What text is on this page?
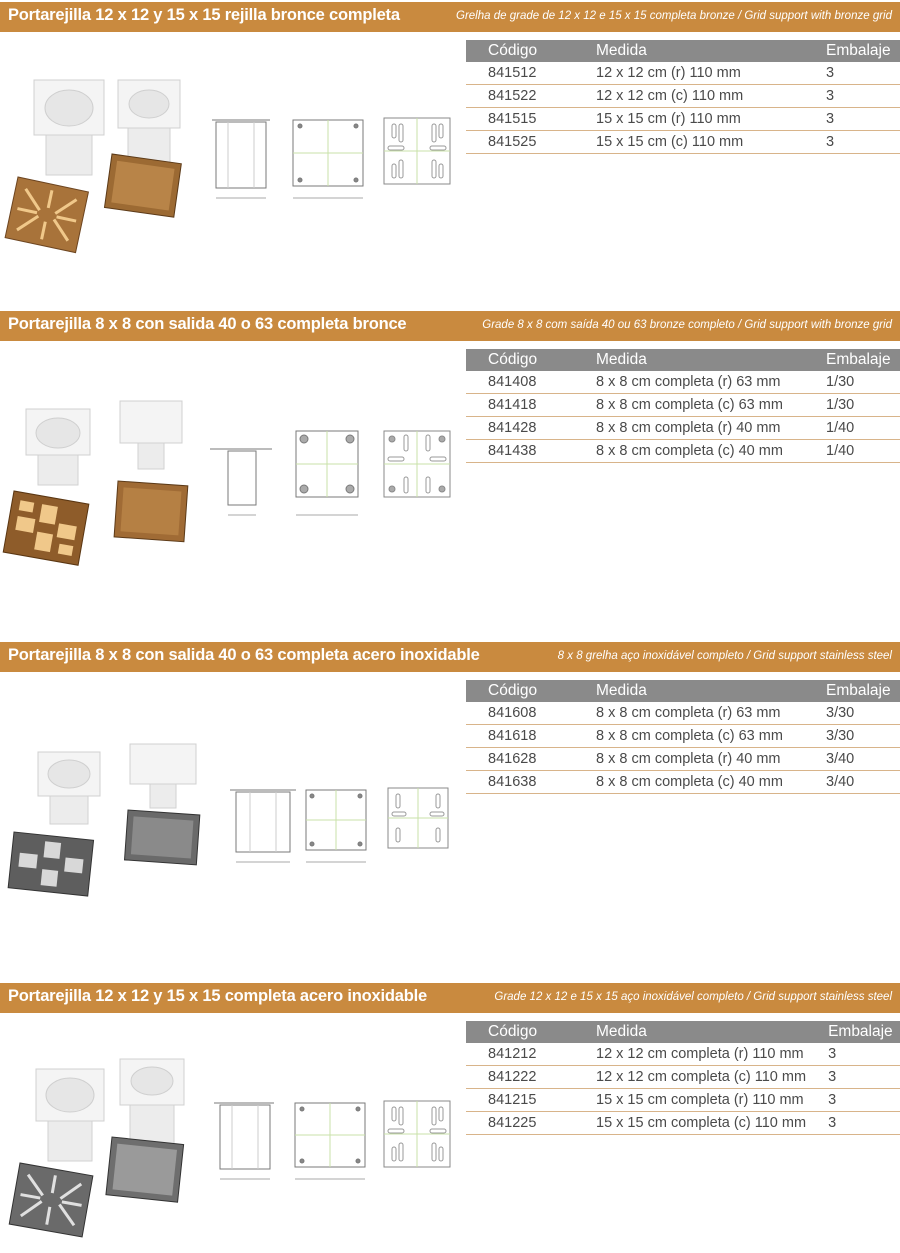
Portarejilla 12 x 12 y 15 x 15 rejilla bronce completa	Grelha de grade de 12 x 12 e 15 x 15 completa bronze / Grid support with bronze grid
Código	Medida	Embalaje
841512	12 x 12 cm (r) 110 mm	3
841522	12 x 12 cm (c) 110 mm	3
841515	15 x 15 cm (r) 110 mm	3
841525	15 x 15 cm (c) 110 mm	3
Portarejilla 8 x 8 con salida 40 o 63 completa bronce	Grade 8 x 8 com saída 40 ou 63 bronze completo / Grid support with bronze grid
Código	Medida	Embalaje
841408	8 x 8 cm completa (r) 63 mm	1/30
841418	8 x 8 cm completa (c) 63 mm	1/30
841428	8 x 8 cm completa (r) 40 mm	1/40
841438	8 x 8 cm completa (c) 40 mm	1/40
Portarejilla 8 x 8 con salida 40 o 63 completa acero inoxidable	8 x 8 grelha aço inoxidável completo / Grid support stainless steel
Código	Medida	Embalaje
841608	8 x 8 cm completa (r) 63 mm	3/30
841618	8 x 8 cm completa (c) 63 mm	3/30
841628	8 x 8 cm completa (r) 40 mm	3/40
841638	8 x 8 cm completa (c) 40 mm	3/40
Portarejilla 12 x 12 y 15 x 15 completa acero inoxidable	Grade 12 x 12 e 15 x 15 aço inoxidável completo / Grid support stainless steel
Código	Medida	Embalaje
841212	12 x 12 cm completa (r) 110 mm	3
841222	12 x 12 cm completa (c) 110 mm	3
841215	15 x 15 cm completa (r) 110 mm	3
841225	15 x 15 cm completa (c) 110 mm	3
